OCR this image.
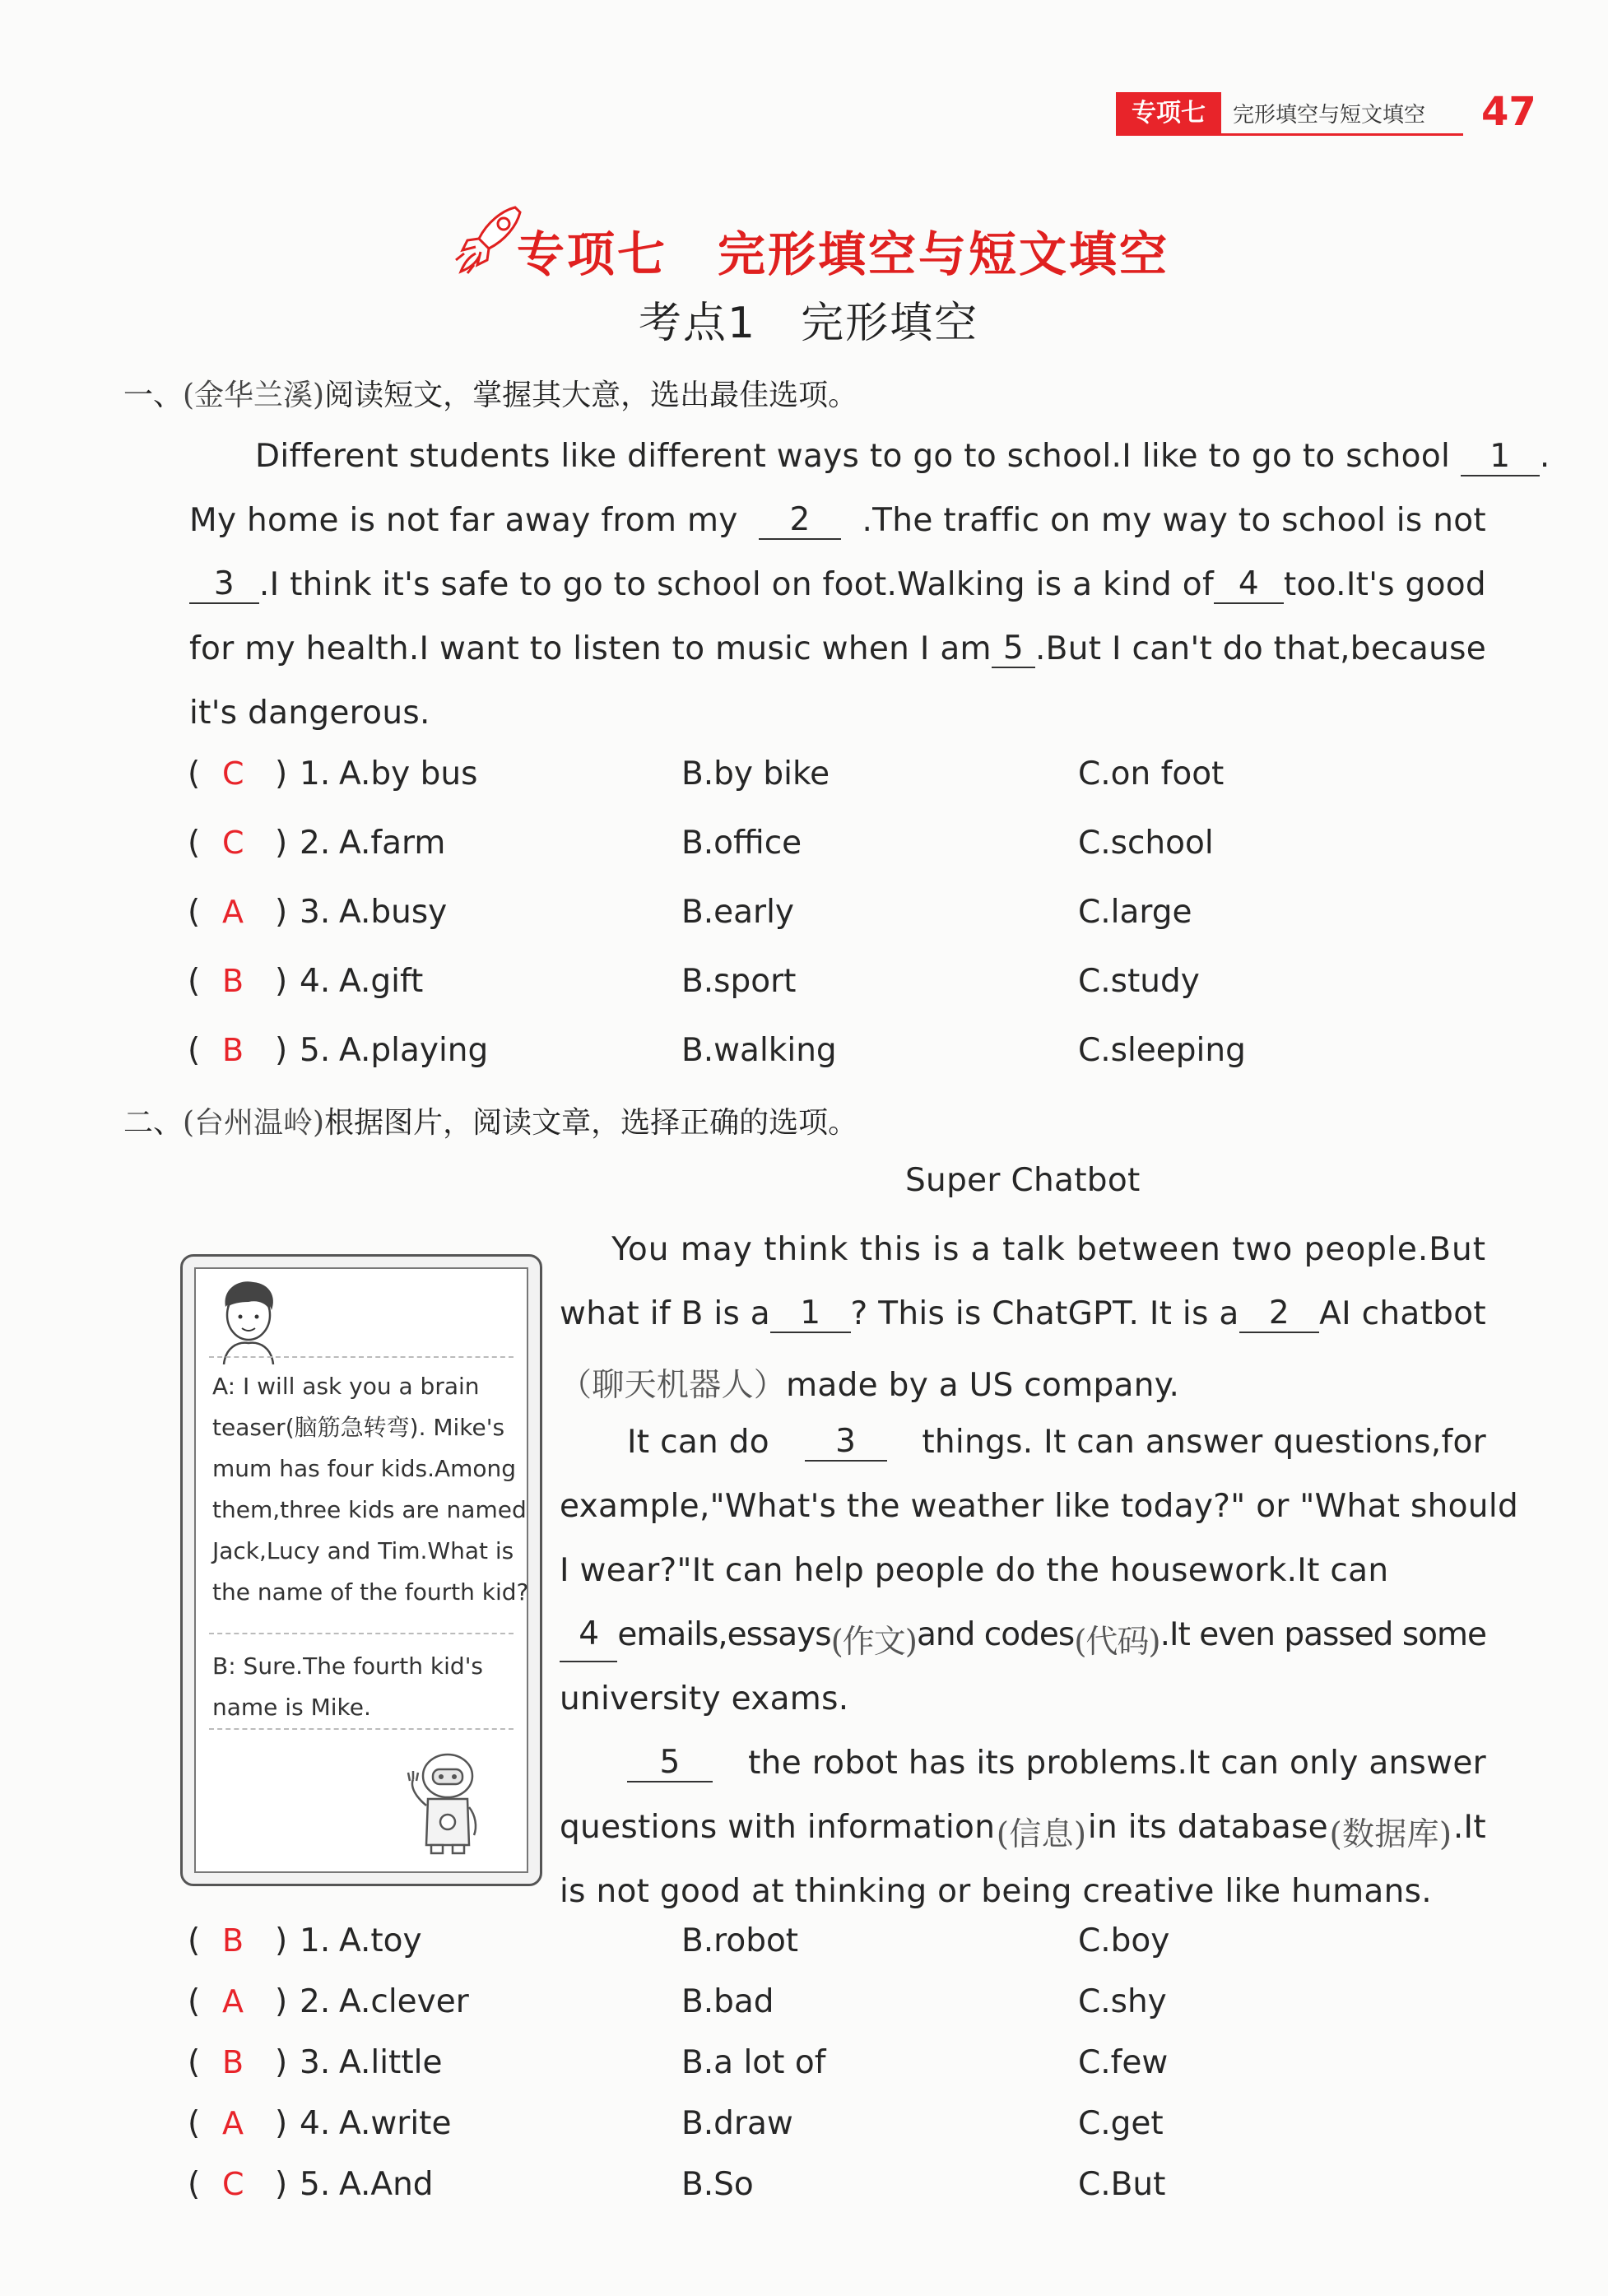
专项七	完形填空与短文填空 47
专项七　完形填空与短文填空
考点1　完形填空
一、(金华兰溪)阅读短文，掌握其大意，选出最佳选项。
Different students like different ways to go to school.I like to go to school 1 .
My home is not far away from my	2	.The traffic on my way to school is not
3 .I think it's safe to go to school on foot.Walking is a kind of 4 too.It's good
for my health.I want to listen to music when I am 5 .But I can't do that,because
it's dangerous.
( C ) 1. A.by bus	B.by bike	C.on foot
( C ) 2. A.farm	B.office	C.school
( A ) 3. A.busy	B.early	C.large
( B ) 4. A.gift	B.sport	C.study
( B ) 5. A.playing	B.walking	C.sleeping
二、(台州温岭)根据图片，阅读文章，选择正确的选项。
Super Chatbot
A: I will ask you a brain
teaser(脑筋急转弯). Mike's
mum has four kids.Among
them,three kids are named
Jack,Lucy and Tim.What is
the name of the fourth kid?
B: Sure.The fourth kid's
name is Mike.
You may think this is a talk between two people.But
what if B is a 1 ? This is ChatGPT. It is a 2 AI chatbot
（聊天机器人）made by a US company.
It can do	3	things. It can answer questions,for
example,"What's the weather like today?" or "What should
I wear?"It can help people do the housework.It can
4 emails,essays (作文) and codes (代码) .It even passed some
university exams.
5	the robot has its problems.It can only answer
questions with information (信息) in its database (数据库) .It
is not good at thinking or being creative like humans.
( B ) 1. A.toy	B.robot	C.boy
( A ) 2. A.clever	B.bad	C.shy
( B ) 3. A.little	B.a lot of	C.few
( A ) 4. A.write	B.draw	C.get
( C ) 5. A.And	B.So	C.But
